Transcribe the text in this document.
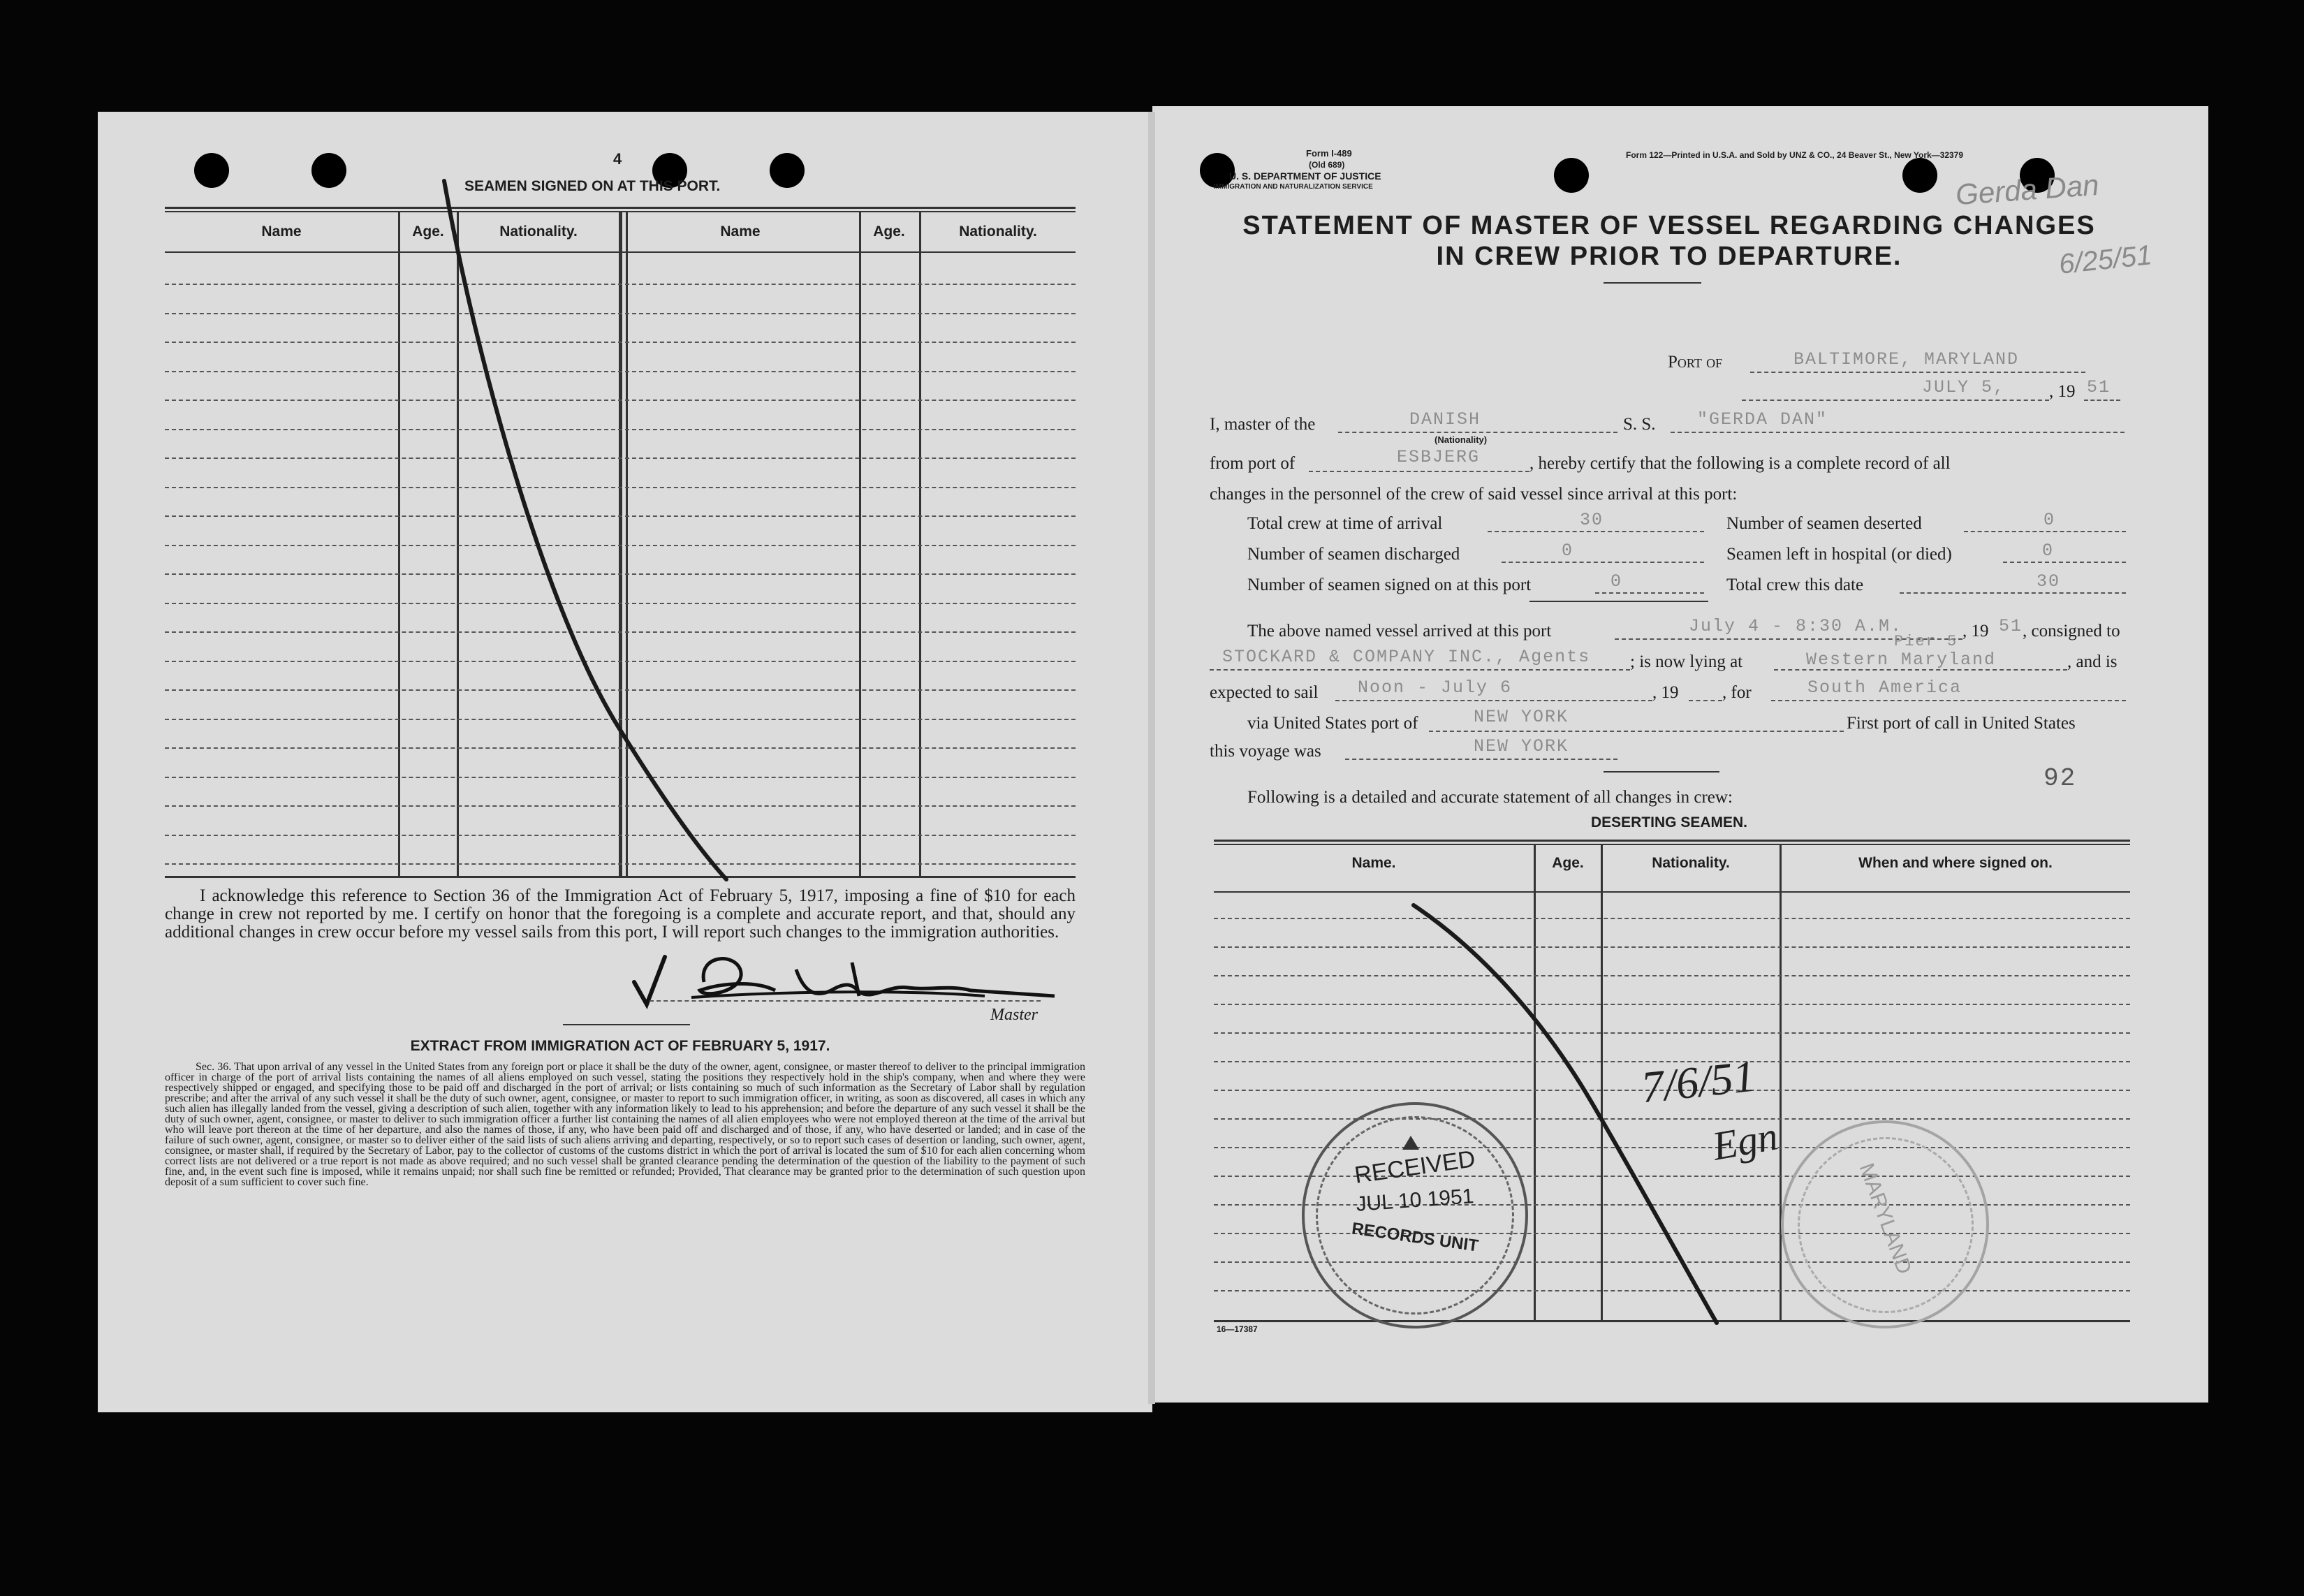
4
SEAMEN SIGNED ON AT THIS PORT.
Name	Age.	Nationality.	Name	Age.	Nationality.
I acknowledge this reference to Section 36 of the Immigration Act of February 5, 1917, imposing a fine of $10 for each change in crew not reported by me. I certify on honor that the foregoing is a complete and accurate report, and that, should any additional changes in crew occur before my vessel sails from this port, I will report such changes to the immigration authorities.
Master
EXTRACT FROM IMMIGRATION ACT OF FEBRUARY 5, 1917.
Sec. 36. That upon arrival of any vessel in the United States from any foreign port or place it shall be the duty of the owner, agent, consignee, or master thereof to deliver to the principal immigration officer in charge of the port of arrival lists containing the names of all aliens employed on such vessel, stating the positions they respectively hold in the ship's company, when and where they were respectively shipped or engaged, and specifying those to be paid off and discharged in the port of arrival; or lists containing so much of such information as the Secretary of Labor shall by regulation prescribe; and after the arrival of any such vessel it shall be the duty of such owner, agent, consignee, or master to report to such immigration officer, in writing, as soon as discovered, all cases in which any such alien has illegally landed from the vessel, giving a description of such alien, together with any information likely to lead to his apprehension; and before the departure of any such vessel it shall be the duty of such owner, agent, consignee, or master to deliver to such immigration officer a further list containing the names of all alien employees who were not employed thereon at the time of the arrival but who will leave port thereon at the time of her departure, and also the names of those, if any, who have been paid off and discharged and of those, if any, who have deserted or landed; and in case of the failure of such owner, agent, consignee, or master so to deliver either of the said lists of such aliens arriving and departing, respectively, or so to report such cases of desertion or landing, such owner, agent, consignee, or master shall, if required by the Secretary of Labor, pay to the collector of customs of the customs district in which the port of arrival is located the sum of $10 for each alien concerning whom correct lists are not delivered or a true report is not made as above required; and no such vessel shall be granted clearance pending the determination of the question of the liability to the payment of such fine, and, in the event such fine is imposed, while it remains unpaid; nor shall such fine be remitted or refunded; Provided, That clearance may be granted prior to the determination of such question upon deposit of a sum sufficient to cover such fine.
Form I-489
(Old 689)
U. S. DEPARTMENT OF JUSTICE
IMMIGRATION AND NATURALIZATION SERVICE
Form 122—Printed in U.S.A. and Sold by UNZ & CO., 24 Beaver St., New York—32379
Gerda Dan
6/25/51
STATEMENT OF MASTER OF VESSEL REGARDING CHANGES
IN CREW PRIOR TO DEPARTURE.
Port of	BALTIMORE, MARYLAND
JULY 5,	, 19 51
I, master of the	DANISH
(Nationality)
S. S. "GERDA DAN"
from port of	ESBJERG	, hereby certify that the following is a complete record of all
changes in the personnel of the crew of said vessel since arrival at this port:
Total crew at time of arrival	30	Number of seamen deserted	0
Number of seamen discharged	0	Seamen left in hospital (or died)	0
Number of seamen signed on at this port	0	Total crew this date	30
The above named vessel arrived at this port	July 4 - 8:30 A.M.	, 19 51 , consigned to
STOCKARD & COMPANY INC., Agents ; is now lying at
Pier 5
Western Maryland	, and is
expected to sail Noon - July 6	, 19	, for	South America
via United States port of	NEW YORK	First port of call in United States
this voyage was	NEW YORK
92
Following is a detailed and accurate statement of all changes in crew:
DESERTING SEAMEN.
Name.	Age.	Nationality.	When and where signed on.
16—17387
7/6/51
Egn
RECEIVED
JUL 10 1951
RECORDS UNIT	MARYLAND
